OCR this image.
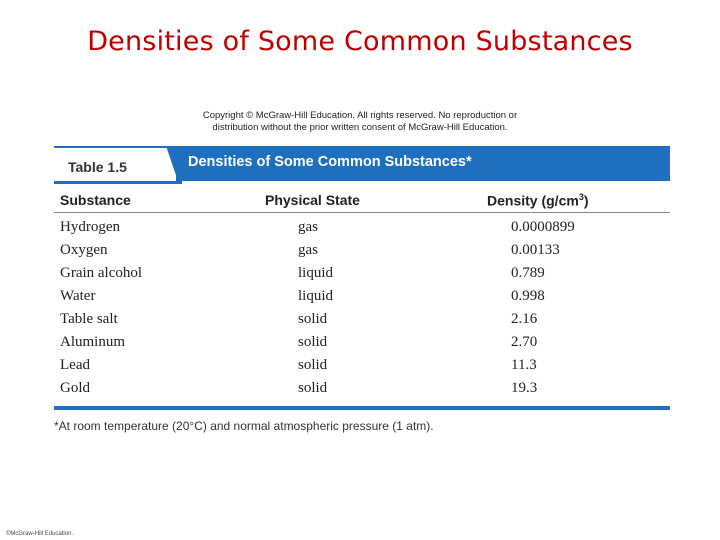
Densities of Some Common Substances
Copyright © McGraw-Hill Education. All rights reserved. No reproduction or distribution without the prior written consent of McGraw-Hill Education.
Table 1.5	Densities of Some Common Substances*
Substance	Physical State	Density $(g/cm^3)$
Hydrogen	gas	0.0000899
Oxygen	gas	0.00133
Grain alcohol	liquid	0.789
Water	liquid	0.998
Table salt	solid	2.16
Aluminum	solid	2.70
Lead	solid	11.3
Gold	solid	19.3
*At room temperature (20°C) and normal atmospheric pressure (1 atm).
©McGraw-Hill Education.
